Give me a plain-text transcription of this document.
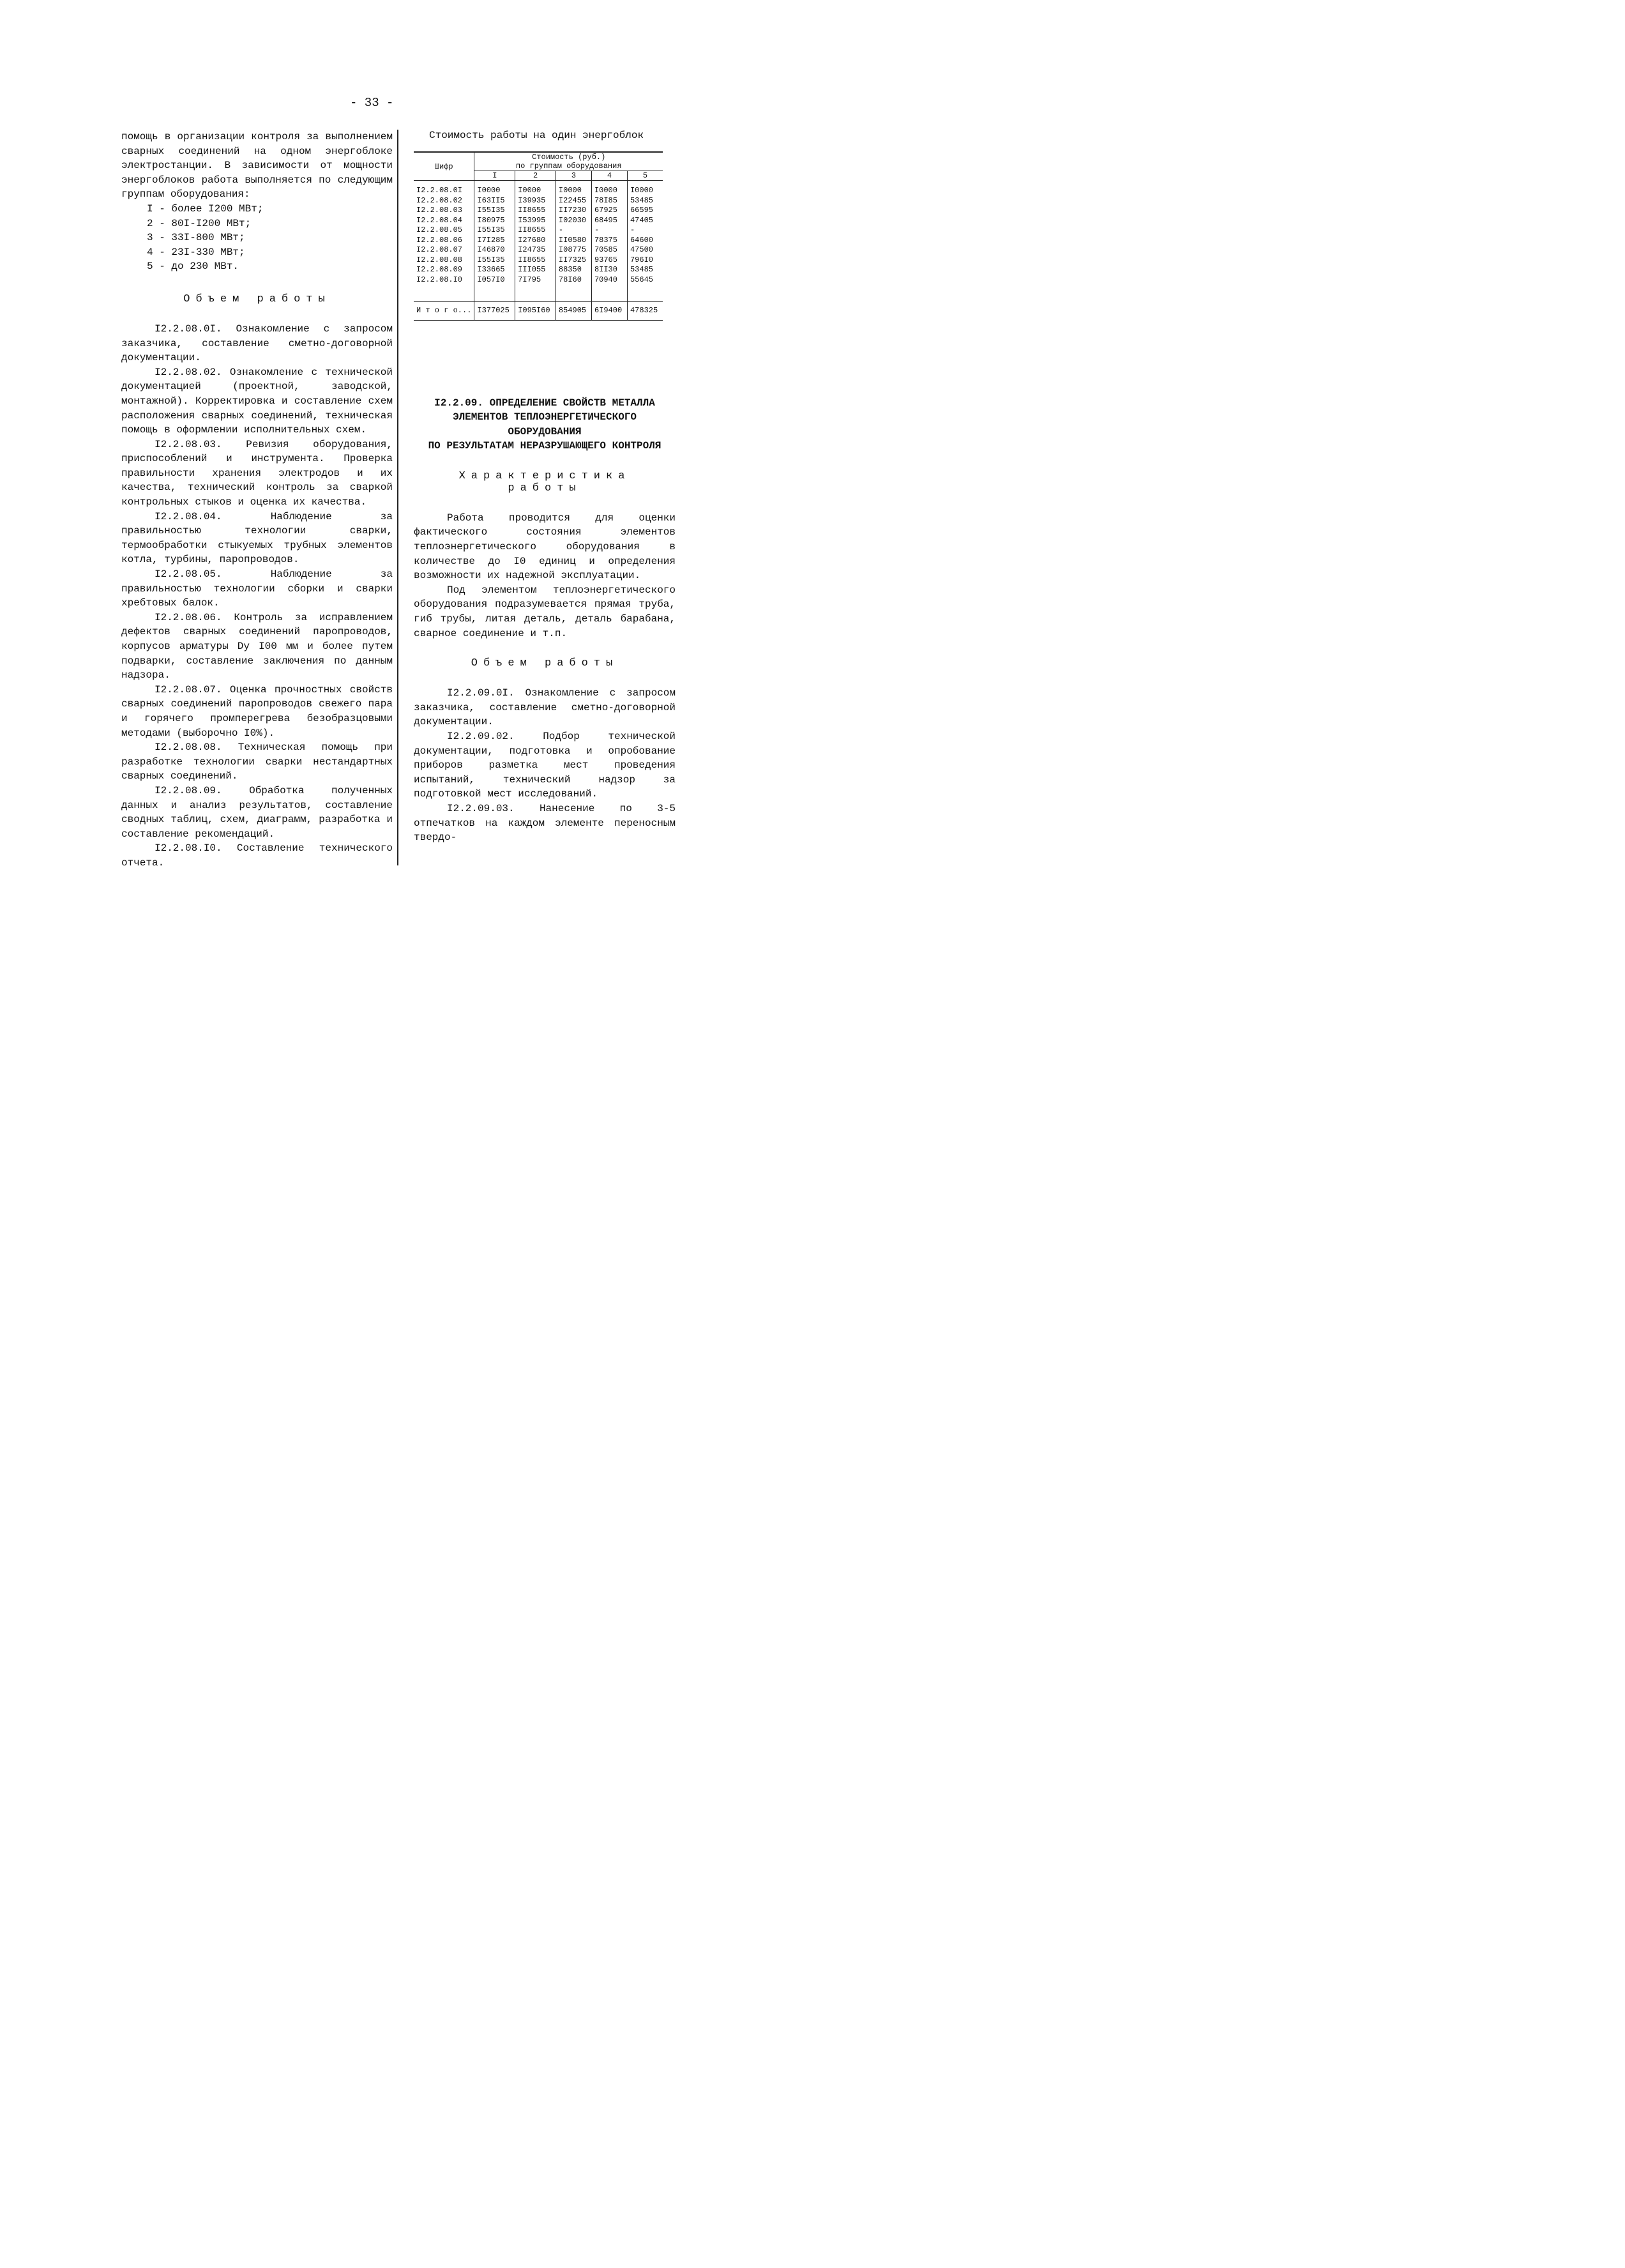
- 33 -

помощь в организации контроля за выполнением сварных соединений на одном энергоблоке электростанции. В зависимости от мощности энергоблоков работа выполняется по следующим группам оборудования:

I - более I200 МВт;

2 - 80I-I200 МВт;

3 - 33I-800 МВт;

4 - 23I-330 МВт;

5 - до 230 МВт.

Объем работы

I2.2.08.0I. Ознакомление с запросом заказчика, составление сметно-договорной документации.

I2.2.08.02. Ознакомление с технической документацией (проектной, заводской, монтажной). Корректировка и составление схем расположения сварных соединений, техническая помощь в оформлении исполнительных схем.

I2.2.08.03. Ревизия оборудования, приспособлений и инструмента. Проверка правильности хранения электродов и их качества, технический контроль за сваркой контрольных стыков и оценка их качества.

I2.2.08.04. Наблюдение за правильностью технологии сварки, термообработки стыкуемых трубных элементов котла, турбины, паропроводов.

I2.2.08.05. Наблюдение за правильностью технологии сборки и сварки хребтовых балок.

I2.2.08.06. Контроль за исправлением дефектов сварных соединений паропроводов, корпусов арматуры Dу I00 мм и более путем подварки, составление заключения по данным надзора.

I2.2.08.07. Оценка прочностных свойств сварных соединений паропроводов свежего пара и горячего промперегрева безобразцовыми методами (выборочно I0%).

I2.2.08.08. Техническая помощь при разработке технологии сварки нестандартных сварных соединений.

I2.2.08.09. Обработка полученных данных и анализ результатов, составление сводных таблиц, схем, диаграмм, разработка и составление рекомендаций.

I2.2.08.I0. Составление технического отчета.

Стоимость работы на один энергоблок

Шифр	Стоимость (руб.)
по группам оборудования				
	I	2	3	4	5
I2.2.08.0I	I0000	I0000	I0000	I0000	I0000
I2.2.08.02	I63II5	I39935	I22455	78I85	53485
I2.2.08.03	I55I35	II8655	II7230	67925	66595
I2.2.08.04	I80975	I53995	I02030	68495	47405
I2.2.08.05	I55I35	II8655	-	-	-
I2.2.08.06	I7I285	I27680	II0580	78375	64600
I2.2.08.07	I46870	I24735	I08775	70585	47500
I2.2.08.08	I55I35	II8655	II7325	93765	796I0
I2.2.08.09	I33665	III055	88350	8II30	53485
I2.2.08.I0	I057I0	7I795	78I60	70940	55645
И т о г о...	I377025	I095I60	854905	6I9400	478325

I2.2.09. ОПРЕДЕЛЕНИЕ СВОЙСТВ МЕТАЛЛА

ЭЛЕМЕНТОВ ТЕПЛОЭНЕРГЕТИЧЕСКОГО

ОБОРУДОВАНИЯ

ПО РЕЗУЛЬТАТАМ НЕРАЗРУШАЮЩЕГО КОНТРОЛЯ

Характеристика

работы

Работа проводится для оценки фактического состояния элементов теплоэнергетического оборудования в количестве до I0 единиц и определения возможности их надежной эксплуатации.

Под элементом теплоэнергетического оборудования подразумевается прямая труба, гиб трубы, литая деталь, деталь барабана, сварное соединение и т.п.

Объем работы

I2.2.09.0I. Ознакомление с запросом заказчика, составление сметно-договорной документации.

I2.2.09.02. Подбор технической документации, подготовка и опробование приборов разметка мест проведения испытаний, технический надзор за подготовкой мест исследований.

I2.2.09.03. Нанесение по 3-5 отпечатков на каждом элементе переносным твердо-
